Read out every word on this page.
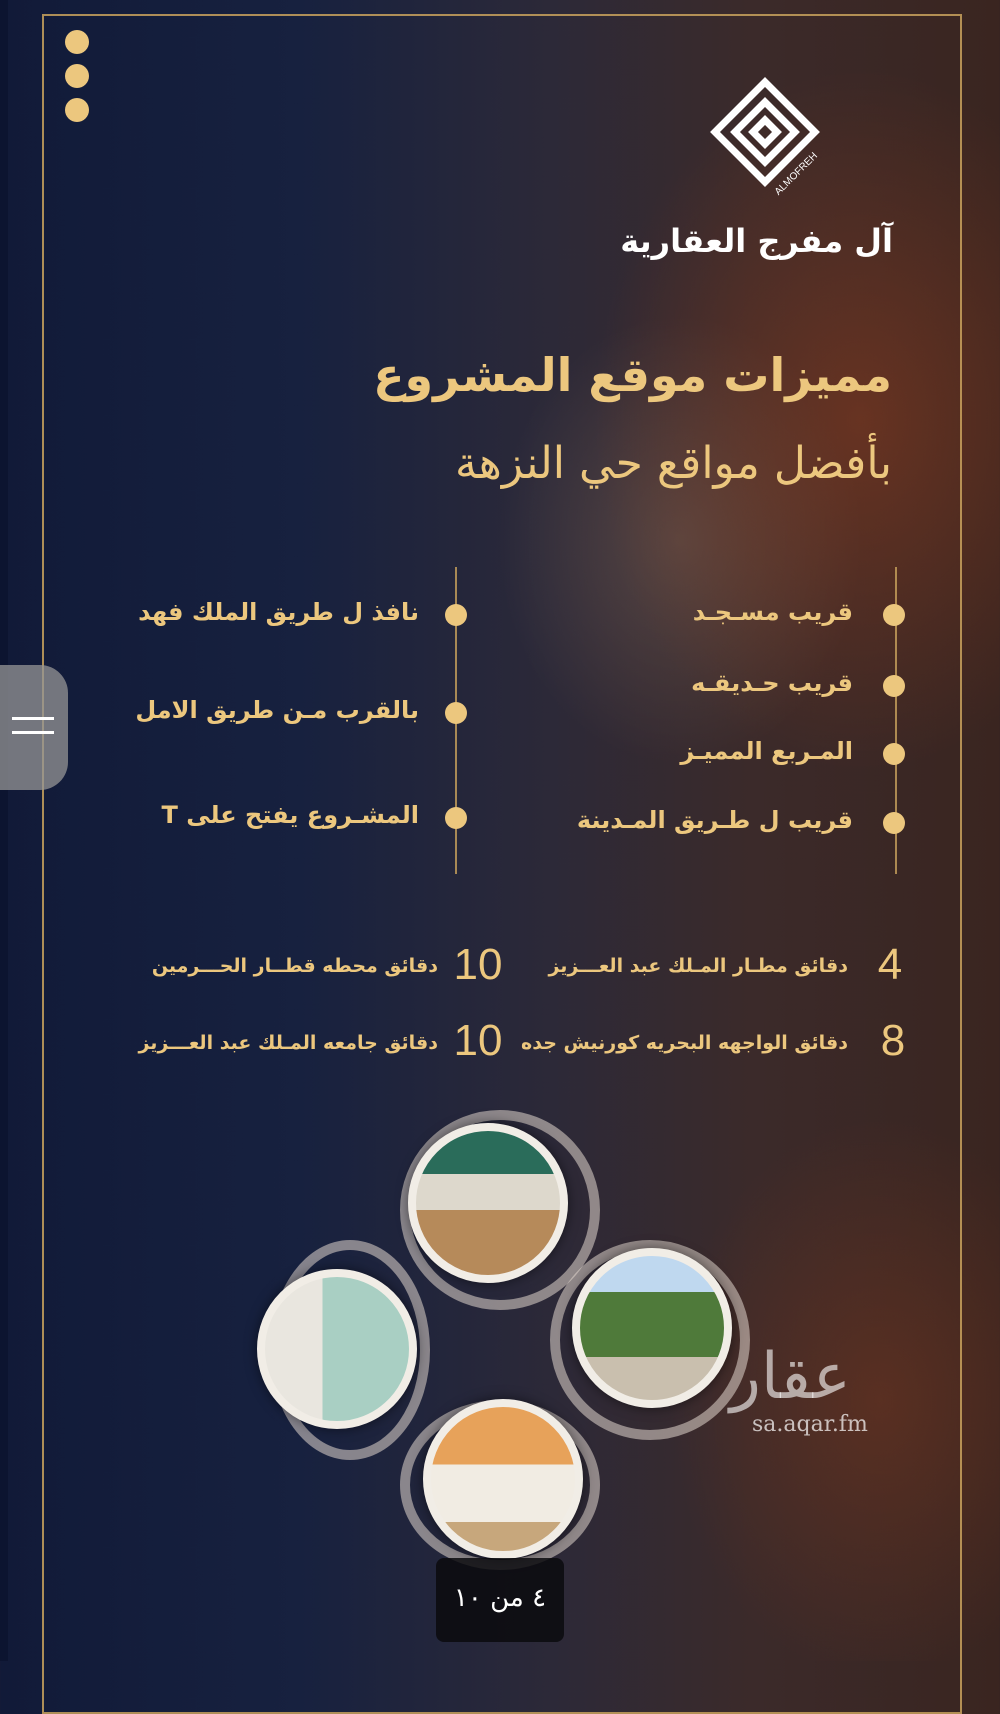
ALMOFREH
آل مفرج العقارية
مميزات موقع المشروع
بأفضل مواقع حي النزهة
قريب مسـجـد
قريب حـديقـه
المـربع المميـز
قريب ل طـريق المـدينة
نافذ ل طريق الملك فهد
بالقرب مـن طريق الامل
المشـروع يفتح على T
4
دقائق مطـار المـلك عبد العـــزيز
10
دقائق محطه قطــار الحـــرمين
8
دقائق الواجهه البحريه كورنيش جده
10
دقائق جامعه المـلك عبد العـــزيز
عقار
sa.aqar.fm
٤ من ١٠
